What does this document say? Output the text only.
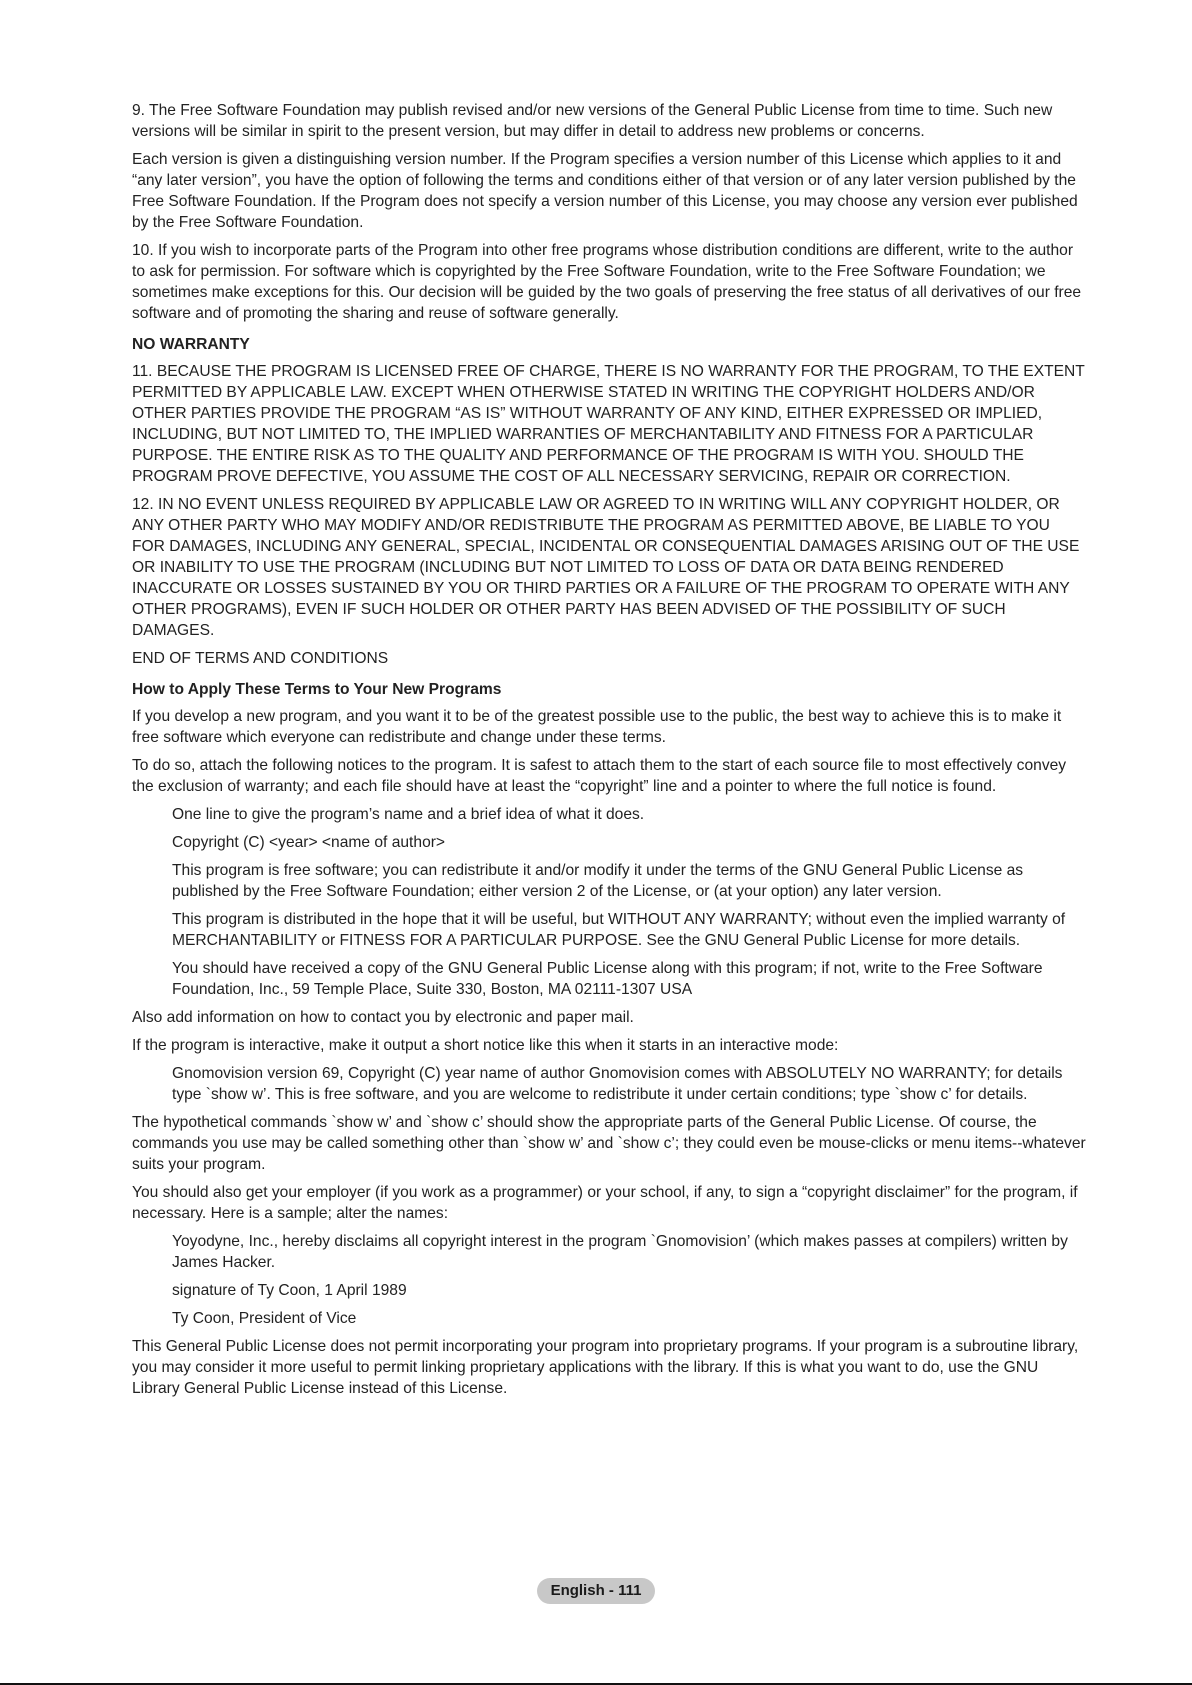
9. The Free Software Foundation may publish revised and/or new versions of the General Public License from time to time. Such new versions will be similar in spirit to the present version, but may differ in detail to address new problems or concerns.

Each version is given a distinguishing version number. If the Program specifies a version number of this License which applies to it and “any later version”, you have the option of following the terms and conditions either of that version or of any later version published by the Free Software Foundation. If the Program does not specify a version number of this License, you may choose any version ever published by the Free Software Foundation.

10. If you wish to incorporate parts of the Program into other free programs whose distribution conditions are different, write to the author to ask for permission. For software which is copyrighted by the Free Software Foundation, write to the Free Software Foundation; we sometimes make exceptions for this. Our decision will be guided by the two goals of preserving the free status of all derivatives of our free software and of promoting the sharing and reuse of software generally.

NO WARRANTY

11. BECAUSE THE PROGRAM IS LICENSED FREE OF CHARGE, THERE IS NO WARRANTY FOR THE PROGRAM, TO THE EXTENT PERMITTED BY APPLICABLE LAW. EXCEPT WHEN OTHERWISE STATED IN WRITING THE COPYRIGHT HOLDERS AND/OR OTHER PARTIES PROVIDE THE PROGRAM “AS IS” WITHOUT WARRANTY OF ANY KIND, EITHER EXPRESSED OR IMPLIED, INCLUDING, BUT NOT LIMITED TO, THE IMPLIED WARRANTIES OF MERCHANTABILITY AND FITNESS FOR A PARTICULAR PURPOSE. THE ENTIRE RISK AS TO THE QUALITY AND PERFORMANCE OF THE PROGRAM IS WITH YOU. SHOULD THE PROGRAM PROVE DEFECTIVE, YOU ASSUME THE COST OF ALL NECESSARY SERVICING, REPAIR OR CORRECTION.

12. IN NO EVENT UNLESS REQUIRED BY APPLICABLE LAW OR AGREED TO IN WRITING WILL ANY COPYRIGHT HOLDER, OR ANY OTHER PARTY WHO MAY MODIFY AND/OR REDISTRIBUTE THE PROGRAM AS PERMITTED ABOVE, BE LIABLE TO YOU FOR DAMAGES, INCLUDING ANY GENERAL, SPECIAL, INCIDENTAL OR CONSEQUENTIAL DAMAGES ARISING OUT OF THE USE OR INABILITY TO USE THE PROGRAM (INCLUDING BUT NOT LIMITED TO LOSS OF DATA OR DATA BEING RENDERED INACCURATE OR LOSSES SUSTAINED BY YOU OR THIRD PARTIES OR A FAILURE OF THE PROGRAM TO OPERATE WITH ANY OTHER PROGRAMS), EVEN IF SUCH HOLDER OR OTHER PARTY HAS BEEN ADVISED OF THE POSSIBILITY OF SUCH DAMAGES.

END OF TERMS AND CONDITIONS

How to Apply These Terms to Your New Programs

If you develop a new program, and you want it to be of the greatest possible use to the public, the best way to achieve this is to make it free software which everyone can redistribute and change under these terms.

To do so, attach the following notices to the program. It is safest to attach them to the start of each source file to most effectively convey the exclusion of warranty; and each file should have at least the “copyright” line and a pointer to where the full notice is found.

One line to give the program’s name and a brief idea of what it does.

Copyright (C) <year> <name of author>

This program is free software; you can redistribute it and/or modify it under the terms of the GNU General Public License as published by the Free Software Foundation; either version 2 of the License, or (at your option) any later version.

This program is distributed in the hope that it will be useful, but WITHOUT ANY WARRANTY; without even the implied warranty of MERCHANTABILITY or FITNESS FOR A PARTICULAR PURPOSE. See the GNU General Public License for more details.

You should have received a copy of the GNU General Public License along with this program; if not, write to the Free Software Foundation, Inc., 59 Temple Place, Suite 330, Boston, MA 02111-1307 USA

Also add information on how to contact you by electronic and paper mail.

If the program is interactive, make it output a short notice like this when it starts in an interactive mode:

Gnomovision version 69, Copyright (C) year name of author Gnomovision comes with ABSOLUTELY NO WARRANTY; for details type `show w’. This is free software, and you are welcome to redistribute it under certain conditions; type `show c’ for details.

The hypothetical commands `show w’ and `show c’ should show the appropriate parts of the General Public License. Of course, the commands you use may be called something other than `show w’ and `show c’; they could even be mouse-clicks or menu items--whatever suits your program.

You should also get your employer (if you work as a programmer) or your school, if any, to sign a “copyright disclaimer” for the program, if necessary. Here is a sample; alter the names:

Yoyodyne, Inc., hereby disclaims all copyright interest in the program `Gnomovision’ (which makes passes at compilers) written by James Hacker.

signature of Ty Coon, 1 April 1989

Ty Coon, President of Vice

This General Public License does not permit incorporating your program into proprietary programs. If your program is a subroutine library, you may consider it more useful to permit linking proprietary applications with the library. If this is what you want to do, use the GNU Library General Public License instead of this License.

English - 111
